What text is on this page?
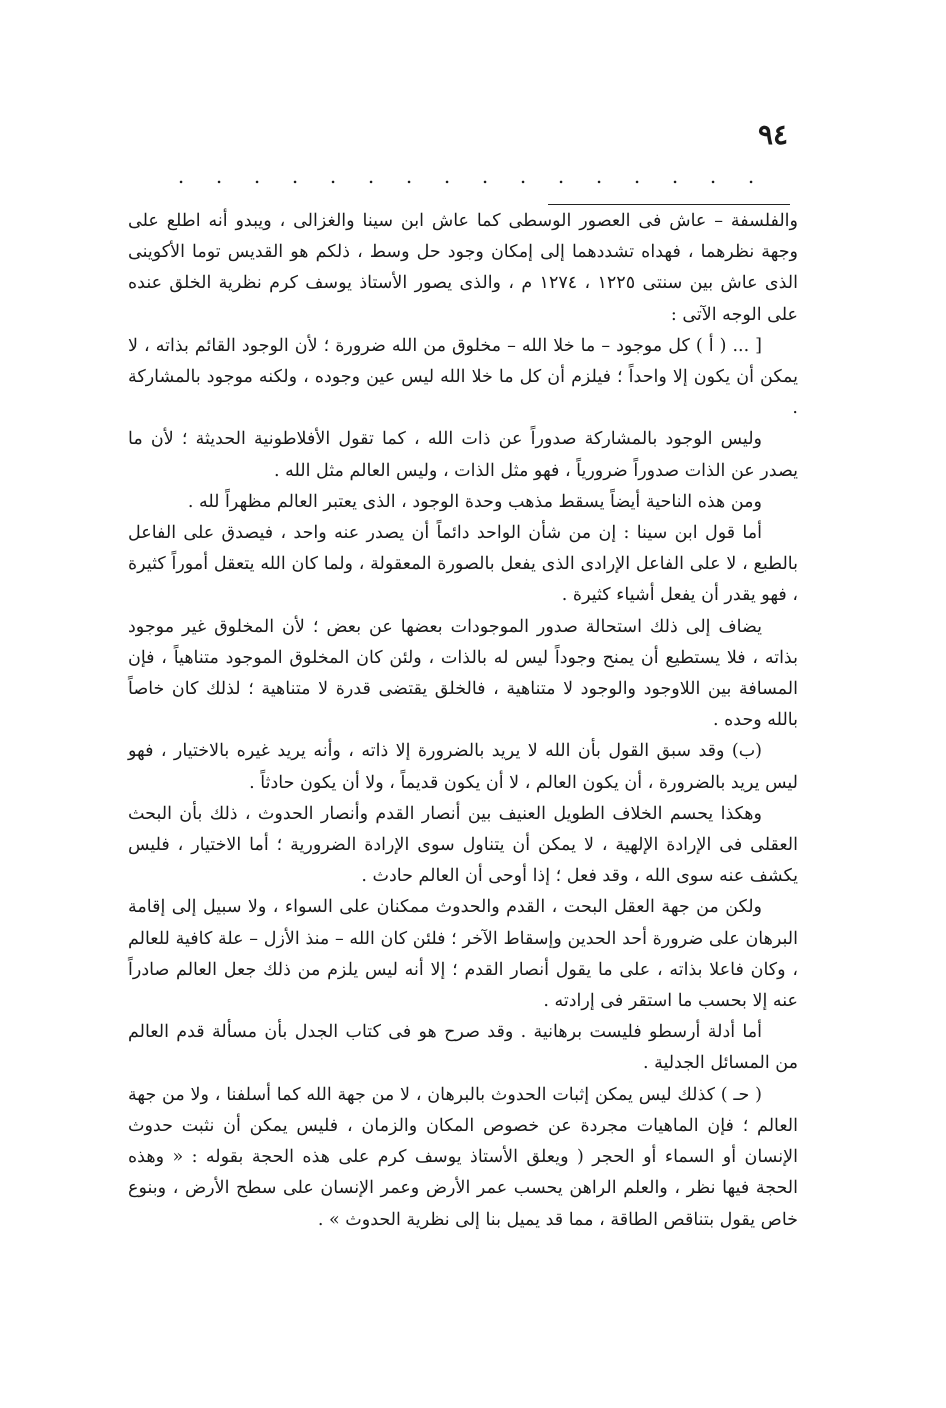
٩٤
................

والفلسفة – عاش فى العصور الوسطى كما عاش ابن سينا والغزالى ، ويبدو أنه اطلع على وجهة نظرهما ، فهداه تشددهما إلى إمكان وجود حل وسط ، ذلكم هو القديس توما الأكوينى الذى عاش بين سنتى ١٢٢٥ ، ١٢٧٤ م ، والذى يصور الأستاذ يوسف كرم نظرية الخلق عنده على الوجه الآتى :

[ ... ( أ ) كل موجود – ما خلا الله – مخلوق من الله ضرورة ؛ لأن الوجود القائم بذاته ، لا يمكن أن يكون إلا واحداً ؛ فيلزم أن كل ما خلا الله ليس عين وجوده ، ولكنه موجود بالمشاركة .

وليس الوجود بالمشاركة صدوراً عن ذات الله ، كما تقول الأفلاطونية الحديثة ؛ لأن ما يصدر عن الذات صدوراً ضرورياً ، فهو مثل الذات ، وليس العالم مثل الله .

ومن هذه الناحية أيضاً يسقط مذهب وحدة الوجود ، الذى يعتبر العالم مظهراً لله .

أما قول ابن سينا : إن من شأن الواحد دائماً أن يصدر عنه واحد ، فيصدق على الفاعل بالطبع ، لا على الفاعل الإرادى الذى يفعل بالصورة المعقولة ، ولما كان الله يتعقل أموراً كثيرة ، فهو يقدر أن يفعل أشياء كثيرة .

يضاف إلى ذلك استحالة صدور الموجودات بعضها عن بعض ؛ لأن المخلوق غير موجود بذاته ، فلا يستطيع أن يمنح وجوداً ليس له بالذات ، ولئن كان المخلوق الموجود متناهياً ، فإن المسافة بين اللاوجود والوجود لا متناهية ، فالخلق يقتضى قدرة لا متناهية ؛ لذلك كان خاصاً بالله وحده .

(ب) وقد سبق القول بأن الله لا يريد بالضرورة إلا ذاته ، وأنه يريد غيره بالاختيار ، فهو ليس يريد بالضرورة ، أن يكون العالم ، لا أن يكون قديماً ، ولا أن يكون حادثاً .

وهكذا يحسم الخلاف الطويل العنيف بين أنصار القدم وأنصار الحدوث ، ذلك بأن البحث العقلى فى الإرادة الإلهية ، لا يمكن أن يتناول سوى الإرادة الضرورية ؛ أما الاختيار ، فليس يكشف عنه سوى الله ، وقد فعل ؛ إذا أوحى أن العالم حادث .

ولكن من جهة العقل البحت ، القدم والحدوث ممكنان على السواء ، ولا سبيل إلى إقامة البرهان على ضرورة أحد الحدين وإسقاط الآخر ؛ فلئن كان الله – منذ الأزل – علة كافية للعالم ، وكان فاعلا بذاته ، على ما يقول أنصار القدم ؛ إلا أنه ليس يلزم من ذلك جعل العالم صادراً عنه إلا بحسب ما استقر فى إرادته .

أما أدلة أرسطو فليست برهانية . وقد صرح هو فى كتاب الجدل بأن مسألة قدم العالم من المسائل الجدلية .

( حـ ) كذلك ليس يمكن إثبات الحدوث بالبرهان ، لا من جهة الله كما أسلفنا ، ولا من جهة العالم ؛ فإن الماهيات مجردة عن خصوص المكان والزمان ، فليس يمكن أن نثبت حدوث الإنسان أو السماء أو الحجر ( ويعلق الأستاذ يوسف كرم على هذه الحجة بقوله : « وهذه الحجة فيها نظر ، والعلم الراهن يحسب عمر الأرض وعمر الإنسان على سطح الأرض ، وبنوع خاص يقول بتناقص الطاقة ، مما قد يميل بنا إلى نظرية الحدوث » .
